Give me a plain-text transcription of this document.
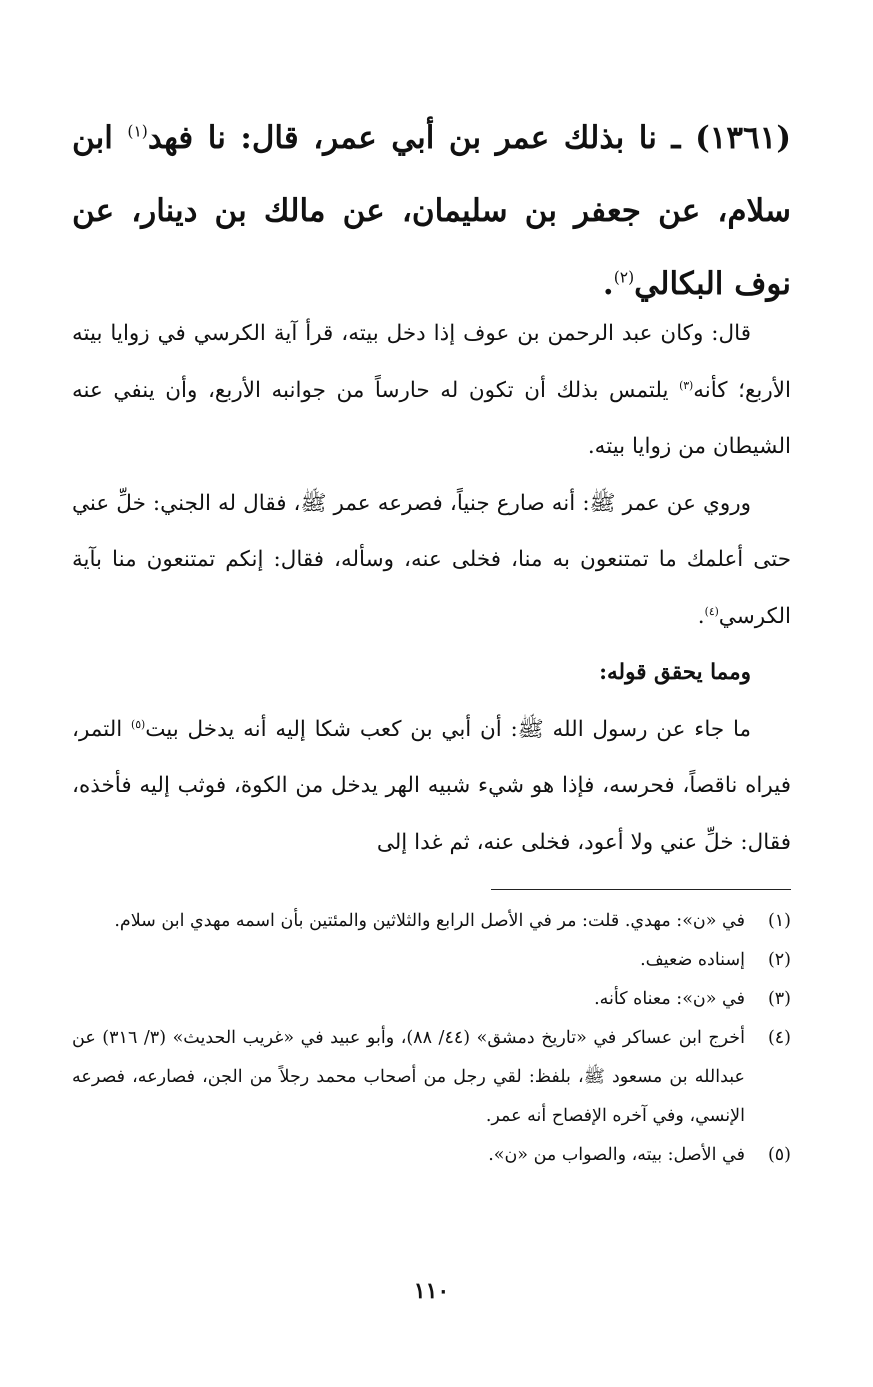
(١٣٦١) ـ نا بذلك عمر بن أبي عمر، قال: نا فهد$^{(١)}$ ابن سلام، عن جعفر بن سليمان، عن مالك بن دينار، عن نوف البكالي$^{(٢)}$.

قال: وكان عبد الرحمن بن عوف إذا دخل بيته، قرأ آية الكرسي في زوايا بيته الأربع؛ كأنه$^{(٣)}$ يلتمس بذلك أن تكون له حارساً من جوانبه الأربع، وأن ينفي عنه الشيطان من زوايا بيته.

وروي عن عمر ﷺ: أنه صارع جنياً، فصرعه عمر ﷺ، فقال له الجني: خلِّ عني حتى أعلمك ما تمتنعون به منا، فخلى عنه، وسأله، فقال: إنكم تمتنعون منا بآية الكرسي$^{(٤)}$.

ومما يحقق قوله:

ما جاء عن رسول الله ﷺ: أن أبي بن كعب شكا إليه أنه يدخل بيت$^{(٥)}$ التمر، فيراه ناقصاً، فحرسه، فإذا هو شيء شبيه الهر يدخل من الكوة، فوثب إليه فأخذه، فقال: خلِّ عني ولا أعود، فخلى عنه، ثم غدا إلى

(١)
في «ن»: مهدي. قلت: مر في الأصل الرابع والثلاثين والمئتين بأن اسمه مهدي ابن سلام.
(٢)
إسناده ضعيف.
(٣)
في «ن»: معناه كأنه.
(٤)
أخرج ابن عساكر في «تاريخ دمشق» (٤٤/ ٨٨)، وأبو عبيد في «غريب الحديث» (٣/ ٣١٦) عن عبدالله بن مسعود ﷺ، بلفظ: لقي رجل من أصحاب محمد رجلاً من الجن، فصارعه، فصرعه الإنسي، وفي آخره الإفصاح أنه عمر.
(٥)
في الأصل: بيته، والصواب من «ن».
١١٠
